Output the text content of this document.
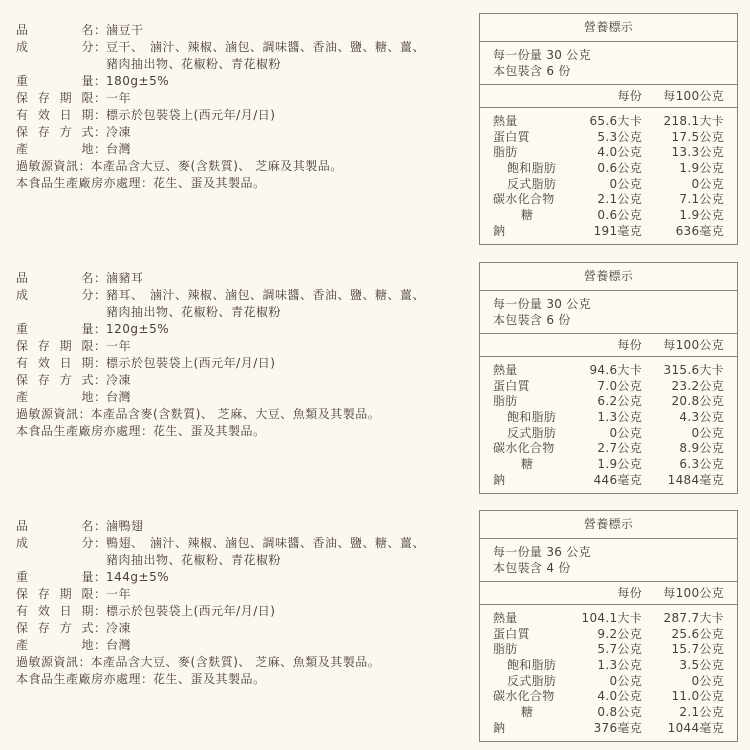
品	名 ： 滷豆干
成	分 ： 豆干、　滷汁、辣椒、滷包、調味醬、香油、鹽、糖、薑、
豬肉抽出物、花椒粉、青花椒粉
重	量 ： 180g±5%
保 存 期 限 ： 一年
有 效 日 期 ： 標示於包裝袋上(西元年/月/日)
保 存 方 式 ： 冷凍
產	地 ： 台灣
過敏源資訊 ： 本產品含大豆、麥(含麩質)、 芝麻及其製品。
本食品生產廠房亦處理 ： 花生、蛋及其製品。
營養標示
每一份量 30 公克
本包裝含 6 份
每份	每100公克
熱量	65.6大卡	218.1大卡
蛋白質	5.3公克	17.5公克
脂肪	4.0公克	13.3公克
飽和脂肪	0.6公克	1.9公克
反式脂肪	0公克	0公克
碳水化合物	2.1公克	7.1公克
糖	0.6公克	1.9公克
鈉	191毫克	636毫克
品	名 ： 滷豬耳
成	分 ： 豬耳、　滷汁、辣椒、滷包、調味醬、香油、鹽、糖、薑、
豬肉抽出物、花椒粉、青花椒粉
重	量 ： 120g±5%
保 存 期 限 ： 一年
有 效 日 期 ： 標示於包裝袋上(西元年/月/日)
保 存 方 式 ： 冷凍
產	地 ： 台灣
過敏源資訊 ： 本產品含麥(含麩質)、 芝麻、大豆、魚類及其製品。
本食品生產廠房亦處理 ： 花生、蛋及其製品。
營養標示
每一份量 30 公克
本包裝含 6 份
每份	每100公克
熱量	94.6大卡	315.6大卡
蛋白質	7.0公克	23.2公克
脂肪	6.2公克	20.8公克
飽和脂肪	1.3公克	4.3公克
反式脂肪	0公克	0公克
碳水化合物	2.7公克	8.9公克
糖	1.9公克	6.3公克
鈉	446毫克	1484毫克
品	名 ： 滷鴨翅
成	分 ： 鴨翅、　滷汁、辣椒、滷包、調味醬、香油、鹽、糖、薑、
豬肉抽出物、花椒粉、青花椒粉
重	量 ： 144g±5%
保 存 期 限 ： 一年
有 效 日 期 ： 標示於包裝袋上(西元年/月/日)
保 存 方 式 ： 冷凍
產	地 ： 台灣
過敏源資訊 ： 本產品含大豆、麥(含麩質)、 芝麻、魚類及其製品。
本食品生產廠房亦處理 ： 花生、蛋及其製品。
營養標示
每一份量 36 公克
本包裝含 4 份
每份	每100公克
熱量	104.1大卡	287.7大卡
蛋白質	9.2公克	25.6公克
脂肪	5.7公克	15.7公克
飽和脂肪	1.3公克	3.5公克
反式脂肪	0公克	0公克
碳水化合物	4.0公克	11.0公克
糖	0.8公克	2.1公克
鈉	376毫克	1044毫克
